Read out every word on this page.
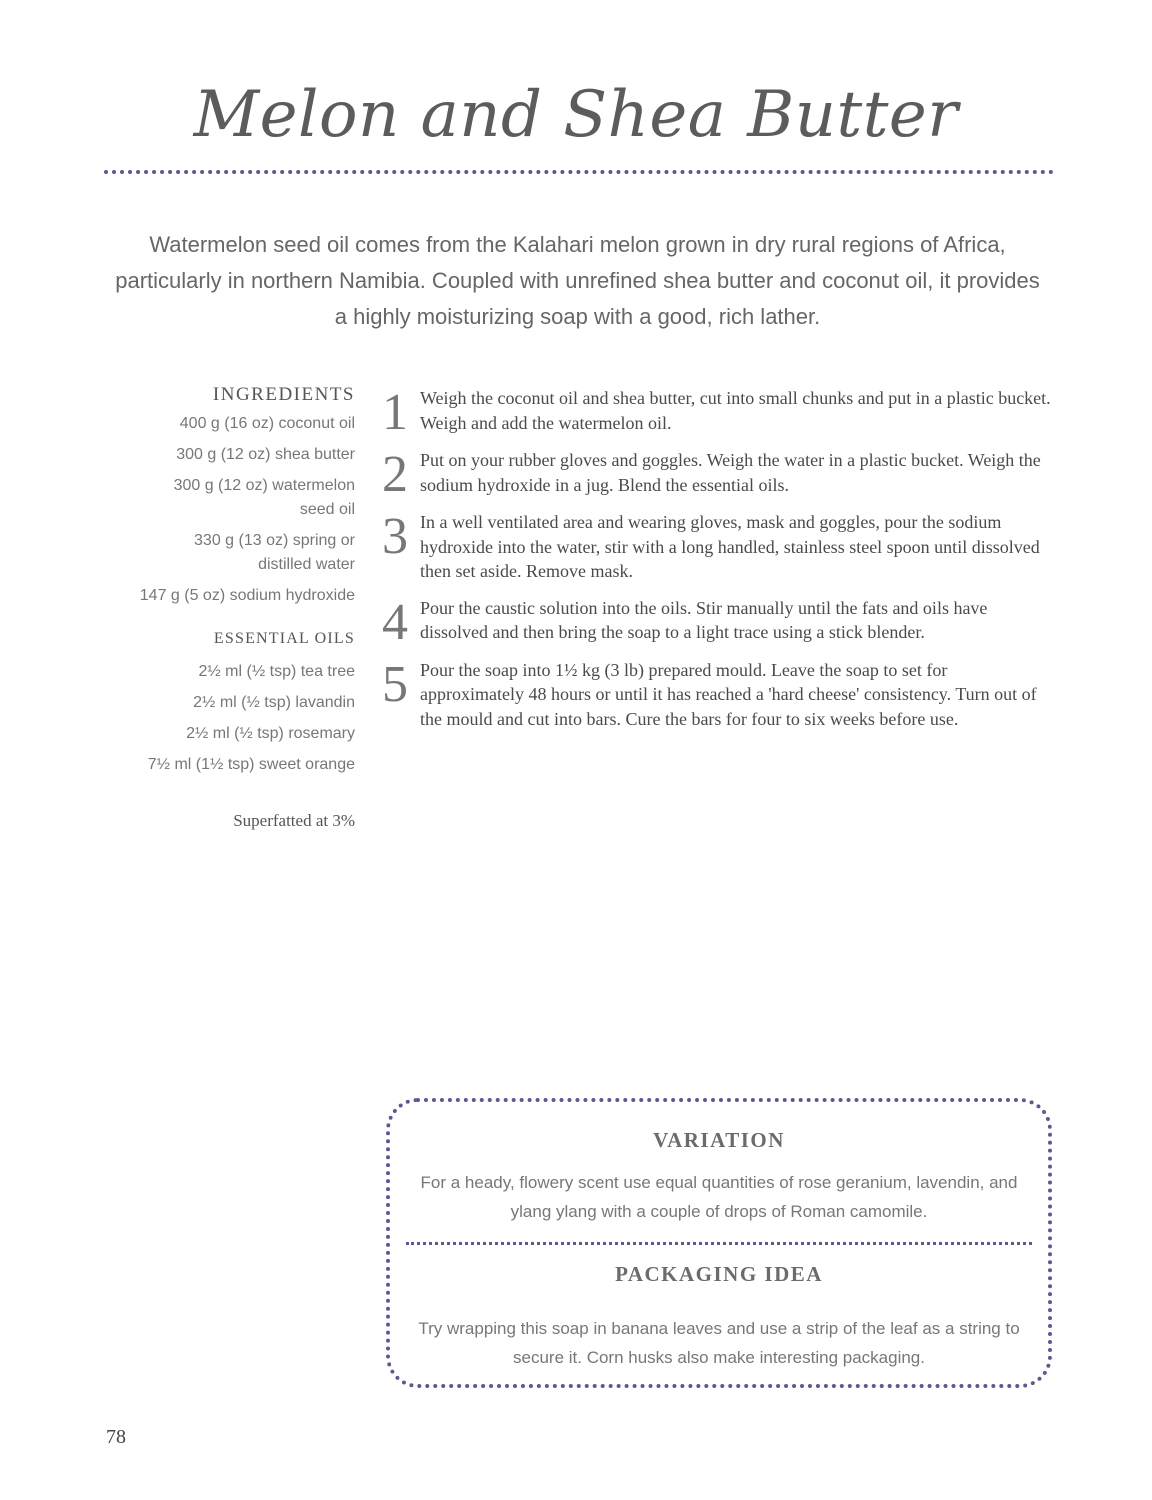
Melon and Shea Butter

Watermelon seed oil comes from the Kalahari melon grown in dry rural regions of Africa, particularly in northern Namibia. Coupled with unrefined shea butter and coconut oil, it provides a highly moisturizing soap with a good, rich lather.

INGREDIENTS
400 g (16 oz) coconut oil
300 g (12 oz) shea butter
300 g (12 oz) watermelon seed oil
330 g (13 oz) spring or distilled water
147 g (5 oz) sodium hydroxide
ESSENTIAL OILS
2½ ml (½ tsp) tea tree
2½ ml (½ tsp) lavandin
2½ ml (½ tsp) rosemary
7½ ml (1½ tsp) sweet orange
Superfatted at 3%
1 Weigh the coconut oil and shea butter, cut into small chunks and put in a plastic bucket. Weigh and add the watermelon oil.
2 Put on your rubber gloves and goggles. Weigh the water in a plastic bucket. Weigh the sodium hydroxide in a jug. Blend the essential oils.
3 In a well ventilated area and wearing gloves, mask and goggles, pour the sodium hydroxide into the water, stir with a long handled, stainless steel spoon until dissolved then set aside. Remove mask.
4 Pour the caustic solution into the oils. Stir manually until the fats and oils have dissolved and then bring the soap to a light trace using a stick blender.
5 Pour the soap into 1½ kg (3 lb) prepared mould. Leave the soap to set for approximately 48 hours or until it has reached a 'hard cheese' consistency. Turn out of the mould and cut into bars. Cure the bars for four to six weeks before use.
VARIATION
For a heady, flowery scent use equal quantities of rose geranium, lavendin, and ylang ylang with a couple of drops of Roman camomile.
PACKAGING IDEA
Try wrapping this soap in banana leaves and use a strip of the leaf as a string to secure it. Corn husks also make interesting packaging.
78
